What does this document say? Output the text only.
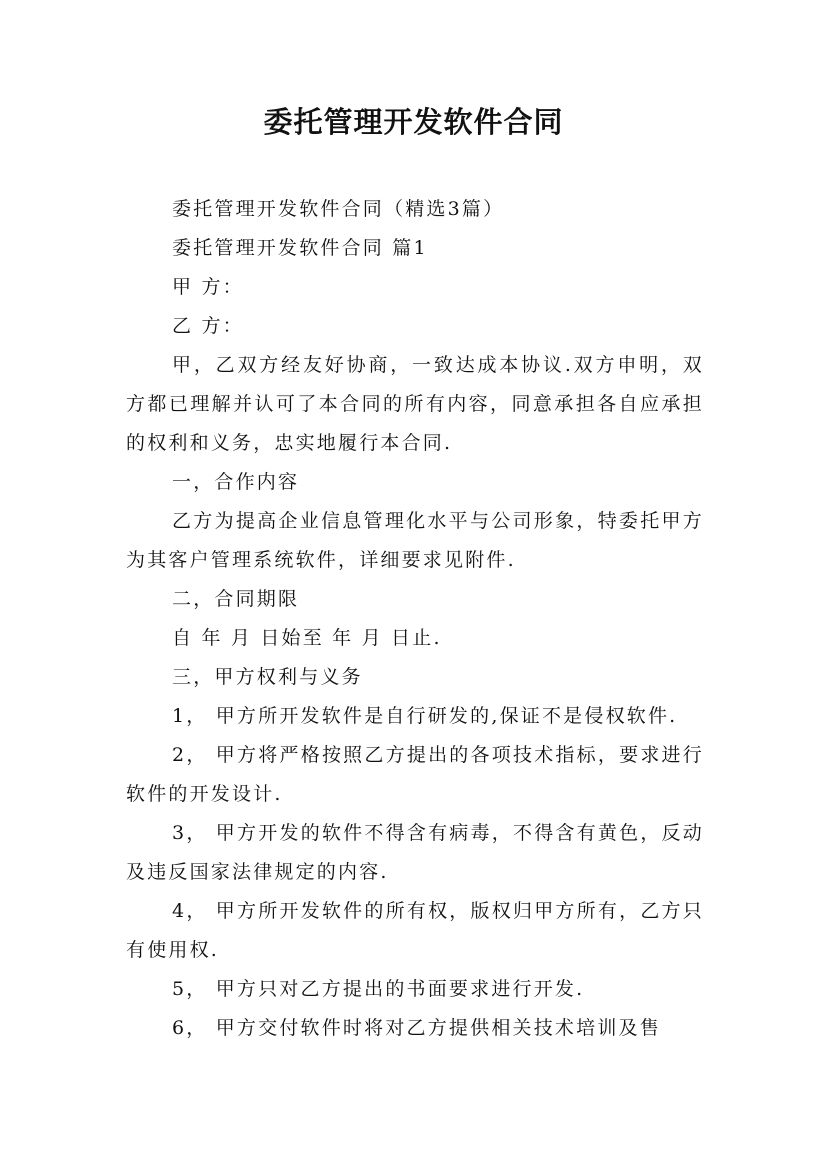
委托管理开发软件合同

委托管理开发软件合同（精选3篇）

委托管理开发软件合同 篇1

甲 方：

乙 方：

甲，乙双方经友好协商，一致达成本协议.双方申明，双方都已理解并认可了本合同的所有内容，同意承担各自应承担的权利和义务，忠实地履行本合同.

一，合作内容

乙方为提高企业信息管理化水平与公司形象，特委托甲方为其客户管理系统软件，详细要求见附件.

二，合同期限

自 年 月 日始至 年 月 日止.

三，甲方权利与义务

1， 甲方所开发软件是自行研发的,保证不是侵权软件.

2， 甲方将严格按照乙方提出的各项技术指标，要求进行软件的开发设计.

3， 甲方开发的软件不得含有病毒，不得含有黄色，反动及违反国家法律规定的内容.

4， 甲方所开发软件的所有权，版权归甲方所有，乙方只有使用权.

5， 甲方只对乙方提出的书面要求进行开发.

6， 甲方交付软件时将对乙方提供相关技术培训及售
